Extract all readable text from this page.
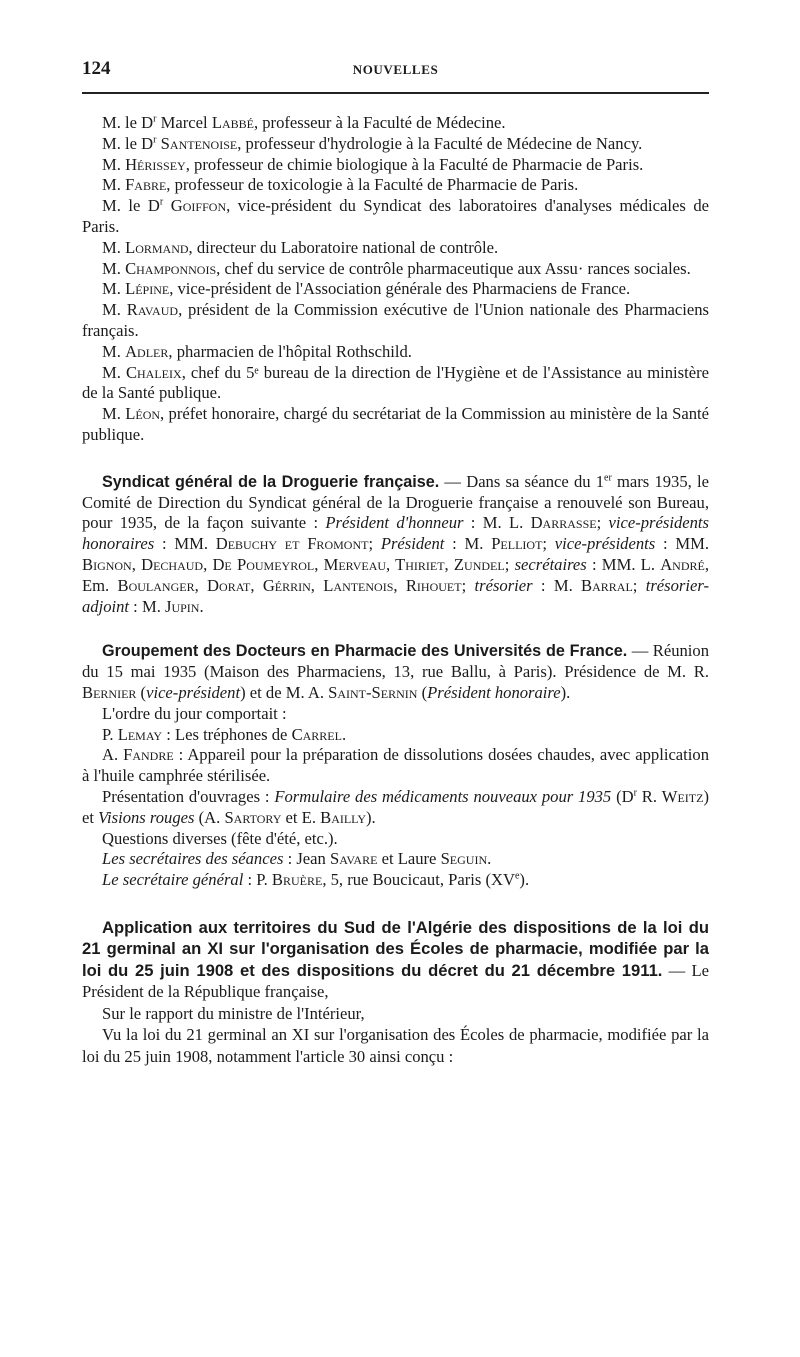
124	NOUVELLES

M. le $D^r$ Marcel Labbé, professeur à la Faculté de Médecine.

M. le $D^r$ Santenoise, professeur d'hydrologie à la Faculté de Médecine de Nancy.

M. Hérissey, professeur de chimie biologique à la Faculté de Pharmacie de Paris.

M. Fabre, professeur de toxicologie à la Faculté de Pharmacie de Paris.

M. le $D^r$ Goiffon, vice-président du Syndicat des laboratoires d'analyses médicales de Paris.

M. Lormand, directeur du Laboratoire national de contrôle.

M. Champonnois, chef du service de contrôle pharmaceutique aux Assu· rances sociales.

M. Lépine, vice-président de l'Association générale des Pharmaciens de France.

M. Ravaud, président de la Commission exécutive de l'Union nationale des Pharmaciens français.

M. Adler, pharmacien de l'hôpital Rothschild.

M. Chaleix, chef du 5ᵉ bureau de la direction de l'Hygiène et de l'Assistance au ministère de la Santé publique.

M. Léon, préfet honoraire, chargé du secrétariat de la Commission au ministère de la Santé publique.

Syndicat général de la Droguerie française. — Dans sa séance du 1er mars 1935, le Comité de Direction du Syndicat général de la Droguerie française a renouvelé son Bureau, pour 1935, de la façon suivante : Président d'honneur : M. L. Darrasse; vice-présidents honoraires : MM. Debuchy et Fromont; Président : M. Pelliot; vice-présidents : MM. Bignon, Dechaud, De Poumeyrol, Merveau, Thiriet, Zundel; secrétaires : MM. L. André, Em. Boulanger, Dorat, Gérrin, Lantenois, Rihouet; trésorier : M. Barral; trésorier-adjoint : M. Jupin.

Groupement des Docteurs en Pharmacie des Universités de France. — Réunion du 15 mai 1935 (Maison des Pharmaciens, 13, rue Ballu, à Paris). Présidence de M. R. Bernier (vice-président) et de M. A. Saint-Sernin (Président honoraire).

L'ordre du jour comportait :

P. Lemay : Les tréphones de Carrel.

A. Fandre : Appareil pour la préparation de dissolutions dosées chaudes, avec application à l'huile camphrée stérilisée.

Présentation d'ouvrages : Formulaire des médicaments nouveaux pour 1935 ($D^r$ R. Weitz) et Visions rouges (A. Sartory et E. Bailly).

Questions diverses (fête d'été, etc.).

Les secrétaires des séances : Jean Savare et Laure Seguin.

Le secrétaire général : P. Bruère, 5, rue Boucicaut, Paris (XVe).

Application aux territoires du Sud de l'Algérie des dispositions de la loi du 21 germinal an XI sur l'organisation des Écoles de pharmacie, modifiée par la loi du 25 juin 1908 et des dispositions du décret du 21 décembre 1911. — Le Président de la République française,

Sur le rapport du ministre de l'Intérieur,

Vu la loi du 21 germinal an XI sur l'organisation des Écoles de pharmacie, modifiée par la loi du 25 juin 1908, notamment l'article 30 ainsi conçu :
